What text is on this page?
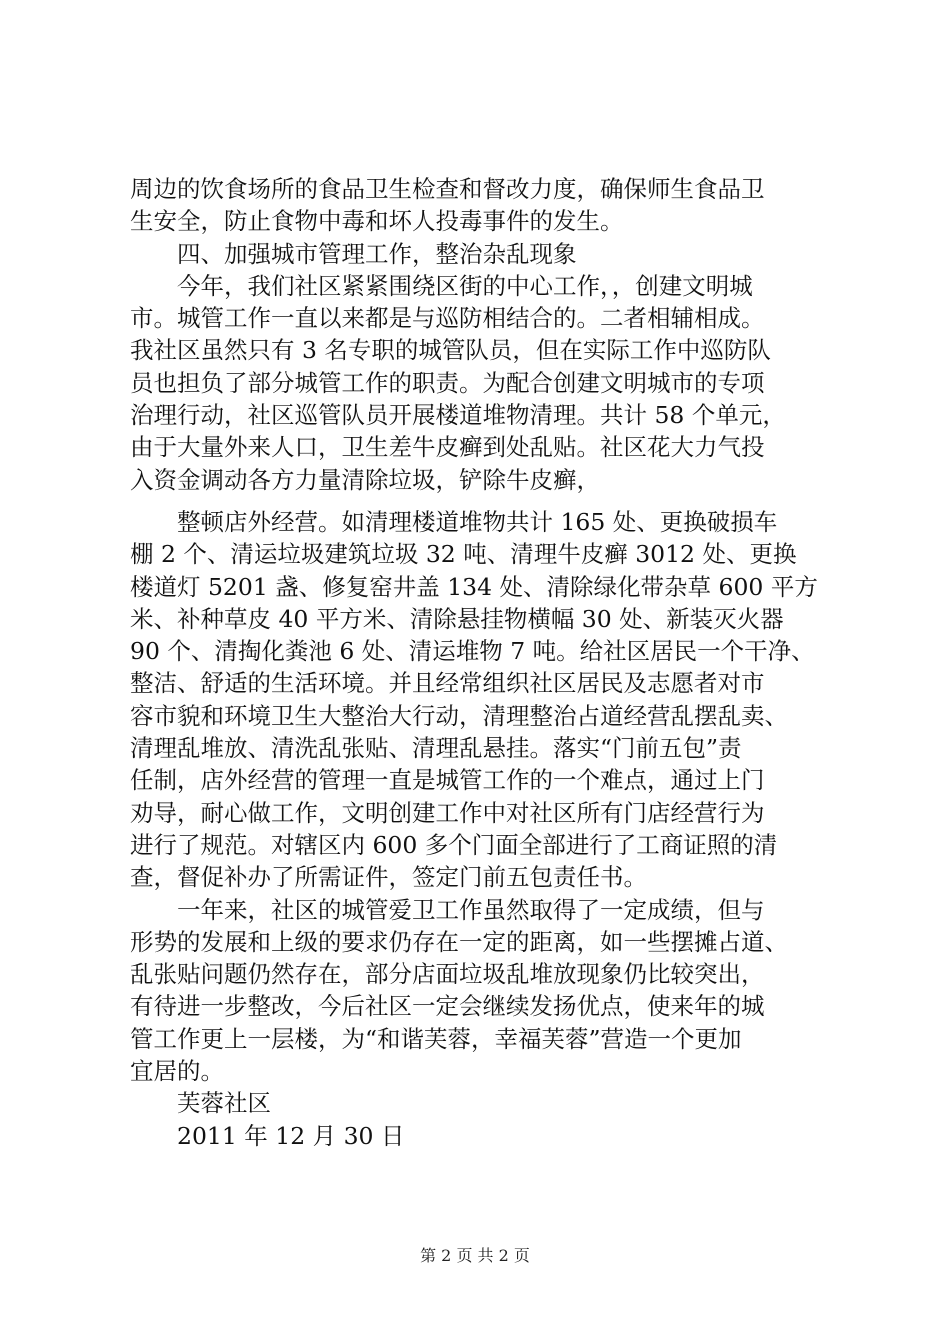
周边的饮食场所的食品卫生检查和督改力度，确保师生食品卫
生安全，防止食物中毒和坏人投毒事件的发生。
四、加强城市管理工作，整治杂乱现象
今年，我们社区紧紧围绕区街的中心工作，，创建文明城
市。城管工作一直以来都是与巡防相结合的。二者相辅相成。
我社区虽然只有 3 名专职的城管队员，但在实际工作中巡防队
员也担负了部分城管工作的职责。为配合创建文明城市的专项
治理行动，社区巡管队员开展楼道堆物清理。共计 58 个单元，
由于大量外来人口，卫生差牛皮癣到处乱贴。社区花大力气投
入资金调动各方力量清除垃圾，铲除牛皮癣，
整顿店外经营。如清理楼道堆物共计 165 处、更换破损车
棚 2 个、清运垃圾建筑垃圾 32 吨、清理牛皮癣 3012 处、更换
楼道灯 5201 盏、修复窑井盖 134 处、清除绿化带杂草 600 平方
米、补种草皮 40 平方米、清除悬挂物横幅 30 处、新装灭火器
90 个、清掏化粪池 6 处、清运堆物 7 吨。给社区居民一个干净、
整洁、舒适的生活环境。并且经常组织社区居民及志愿者对市
容市貌和环境卫生大整治大行动，清理整治占道经营乱摆乱卖、
清理乱堆放、清洗乱张贴、清理乱悬挂。落实“门前五包”责
任制，店外经营的管理一直是城管工作的一个难点，通过上门
劝导，耐心做工作，文明创建工作中对社区所有门店经营行为
进行了规范。对辖区内 600 多个门面全部进行了工商证照的清
查，督促补办了所需证件，签定门前五包责任书。
一年来，社区的城管爱卫工作虽然取得了一定成绩，但与
形势的发展和上级的要求仍存在一定的距离，如一些摆摊占道、
乱张贴问题仍然存在，部分店面垃圾乱堆放现象仍比较突出，
有待进一步整改，今后社区一定会继续发扬优点，使来年的城
管工作更上一层楼，为“和谐芙蓉，幸福芙蓉”营造一个更加
宜居的。
芙蓉社区
2011 年 12 月 30 日
第 2 页 共 2 页
